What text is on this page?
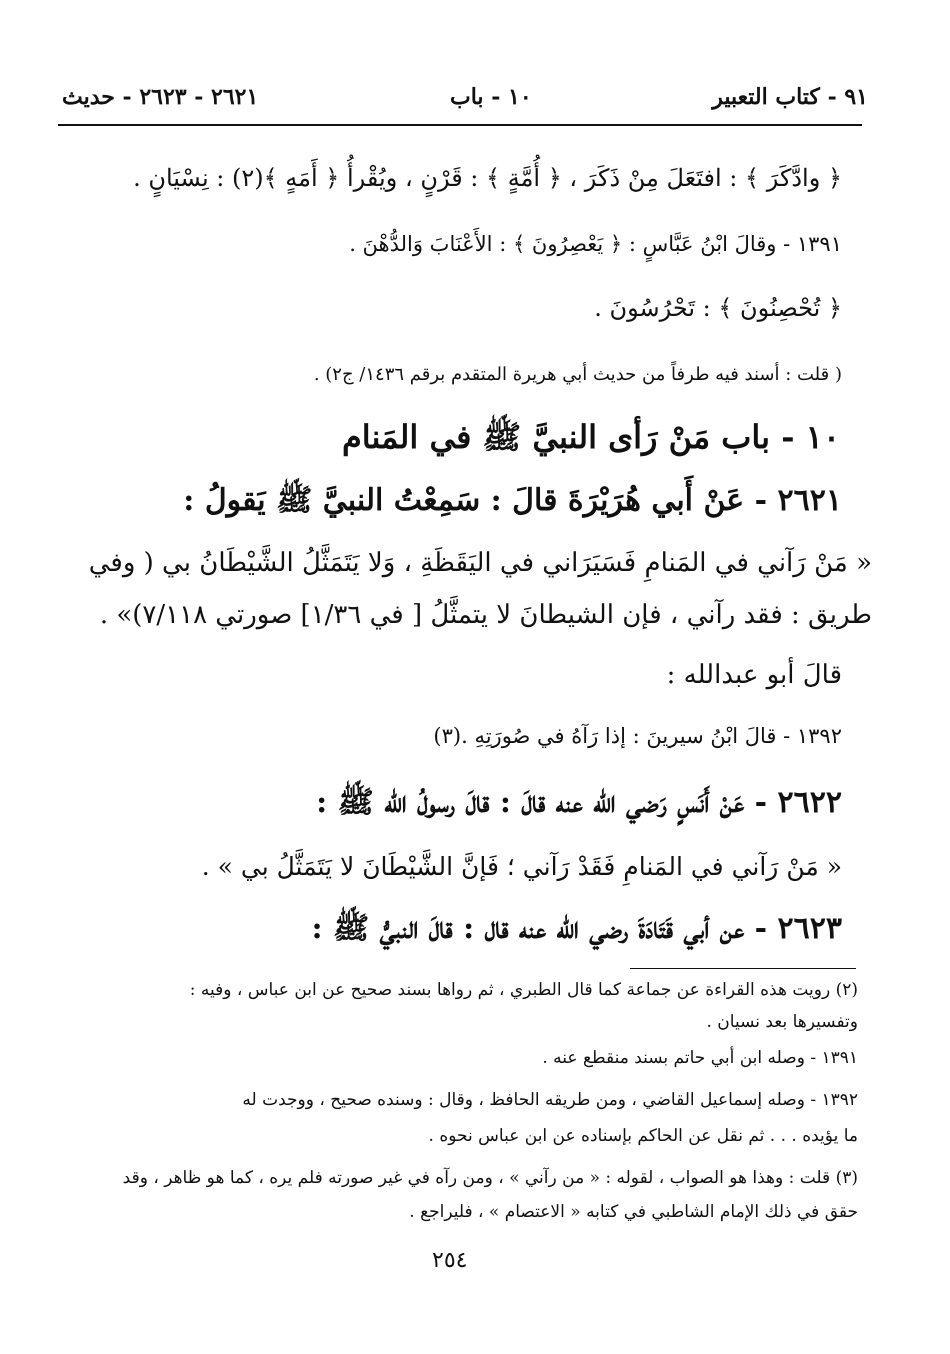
٩١ - كتاب التعبير
١٠ - باب
٢٦٢١ - ٢٦٢٣ - حديث
﴿ وادَّكَرَ ﴾ : افتَعَلَ مِنْ ذَكَرَ ، ﴿ أُمَّةٍ ﴾ : قَرْنٍ ، ويُقْرأُ ﴿ أَمَهٍ ﴾(٢) : نِسْيَانٍ .
١٣٩١ - وقالَ ابْنُ عَبَّاسٍ : ﴿ يَعْصِرُونَ ﴾ : الأَعْنَابَ وَالدُّهْنَ .
﴿ تُحْصِنُونَ ﴾ : تَحْرُسُونَ .
( قلت : أسند فيه طرفاً من حديث أبي هريرة المتقدم برقم ١٤٣٦/ ج٢) .
١٠ - باب مَنْ رَأى النبيَّ ﷺ في المَنام
٢٦٢١ - عَنْ أَبي هُرَيْرَةَ قالَ : سَمِعْتُ النبيَّ ﷺ يَقولُ :
« مَنْ رَآني في المَنامِ فَسَيَرَاني في اليَقَظَةِ ، وَلا يَتَمَثَّلُ الشَّيْطَانُ بي ( وفي
طريق : فقد رآني ، فإن الشيطانَ لا يتمثَّلُ [ في ١/٣٦] صورتي ٧/١١٨)» .
قالَ أبو عبدالله :
١٣٩٢ - قالَ ابْنُ سيرينَ : إذا رَآهُ في صُورَتِهِ .(٣)
٢٦٢٢ - عَنْ أَنَسٍ رَضي الله عنه قالَ : قالَ رسولُ الله ﷺ :
« مَنْ رَآني في المَنامِ فَقَدْ رَآني ؛ فَإنَّ الشَّيْطَانَ لا يَتَمَثَّلُ بي » .
٢٦٢٣ - عن أبي قَتَادَةَ رضي الله عنه قال : قالَ النبيُّ ﷺ :
(٢) رويت هذه القراءة عن جماعة كما قال الطبري ، ثم رواها بسند صحيح عن ابن عباس ، وفيه :
وتفسيرها بعد نسيان .
١٣٩١ - وصله ابن أبي حاتم بسند منقطع عنه .
١٣٩٢ - وصله إسماعيل القاضي ، ومن طريقه الحافظ ، وقال : وسنده صحيح ، ووجدت له
ما يؤيده . . . ثم نقل عن الحاكم بإسناده عن ابن عباس نحوه .
(٣) قلت : وهذا هو الصواب ، لقوله : « من رآني » ، ومن رآه في غير صورته فلم يره ، كما هو ظاهر ، وقد
حقق في ذلك الإمام الشاطبي في كتابه « الاعتصام » ، فليراجع .
٢٥٤
